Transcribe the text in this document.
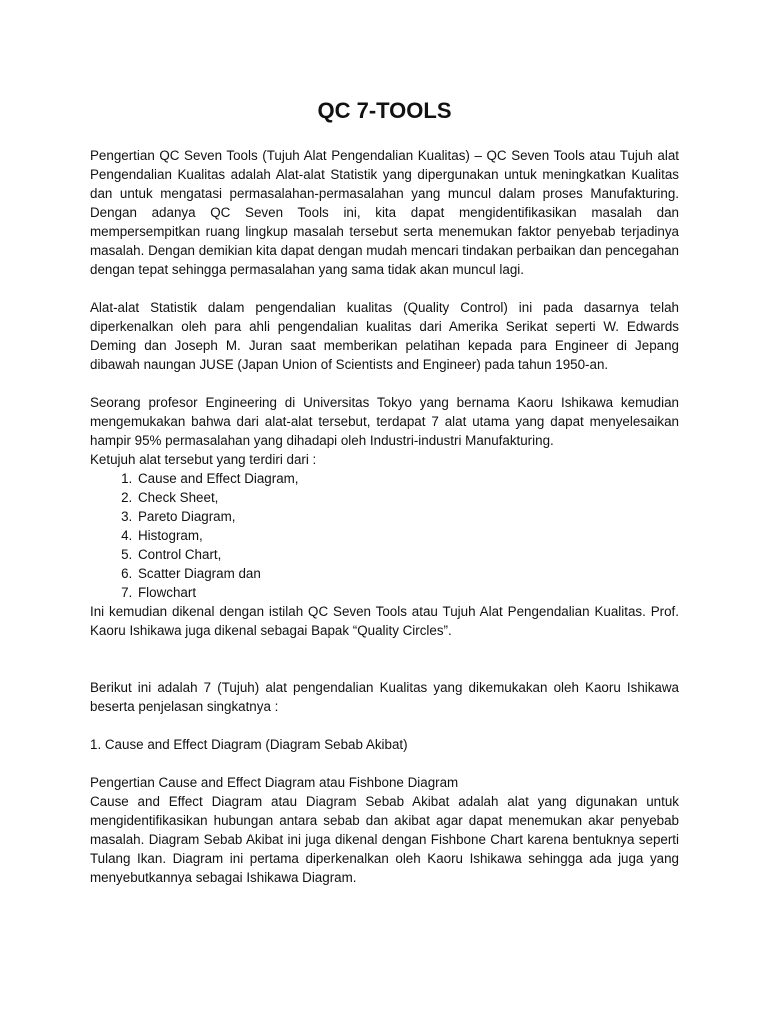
QC 7-TOOLS

Pengertian QC Seven Tools (Tujuh Alat Pengendalian Kualitas) – QC Seven Tools atau Tujuh alat Pengendalian Kualitas adalah Alat-alat Statistik yang dipergunakan untuk meningkatkan Kualitas dan untuk mengatasi permasalahan-permasalahan yang muncul dalam proses Manufakturing. Dengan adanya QC Seven Tools ini, kita dapat mengidentifikasikan masalah dan mempersempitkan ruang lingkup masalah tersebut serta menemukan faktor penyebab terjadinya masalah. Dengan demikian kita dapat dengan mudah mencari tindakan perbaikan dan pencegahan dengan tepat sehingga permasalahan yang sama tidak akan muncul lagi.

Alat-alat Statistik dalam pengendalian kualitas (Quality Control) ini pada dasarnya telah diperkenalkan oleh para ahli pengendalian kualitas dari Amerika Serikat seperti W. Edwards Deming dan Joseph M. Juran saat memberikan pelatihan kepada para Engineer di Jepang dibawah naungan JUSE (Japan Union of Scientists and Engineer) pada tahun 1950-an.

Seorang profesor Engineering di Universitas Tokyo yang bernama Kaoru Ishikawa kemudian mengemukakan bahwa dari alat-alat tersebut, terdapat 7 alat utama yang dapat menyelesaikan hampir 95% permasalahan yang dihadapi oleh Industri-industri Manufakturing.

Ketujuh alat tersebut yang terdiri dari :

1. Cause and Effect Diagram,
2. Check Sheet,
3. Pareto Diagram,
4. Histogram,
5. Control Chart,
6. Scatter Diagram dan
7. Flowchart

Ini kemudian dikenal dengan istilah QC Seven Tools atau Tujuh Alat Pengendalian Kualitas. Prof. Kaoru Ishikawa juga dikenal sebagai Bapak “Quality Circles”.

Berikut ini adalah 7 (Tujuh) alat pengendalian Kualitas yang dikemukakan oleh Kaoru Ishikawa beserta penjelasan singkatnya :

1. Cause and Effect Diagram (Diagram Sebab Akibat)

Pengertian Cause and Effect Diagram atau Fishbone Diagram

Cause and Effect Diagram atau Diagram Sebab Akibat adalah alat yang digunakan untuk mengidentifikasikan hubungan antara sebab dan akibat agar dapat menemukan akar penyebab masalah. Diagram Sebab Akibat ini juga dikenal dengan Fishbone Chart karena bentuknya seperti Tulang Ikan. Diagram ini pertama diperkenalkan oleh Kaoru Ishikawa sehingga ada juga yang menyebutkannya sebagai Ishikawa Diagram.
